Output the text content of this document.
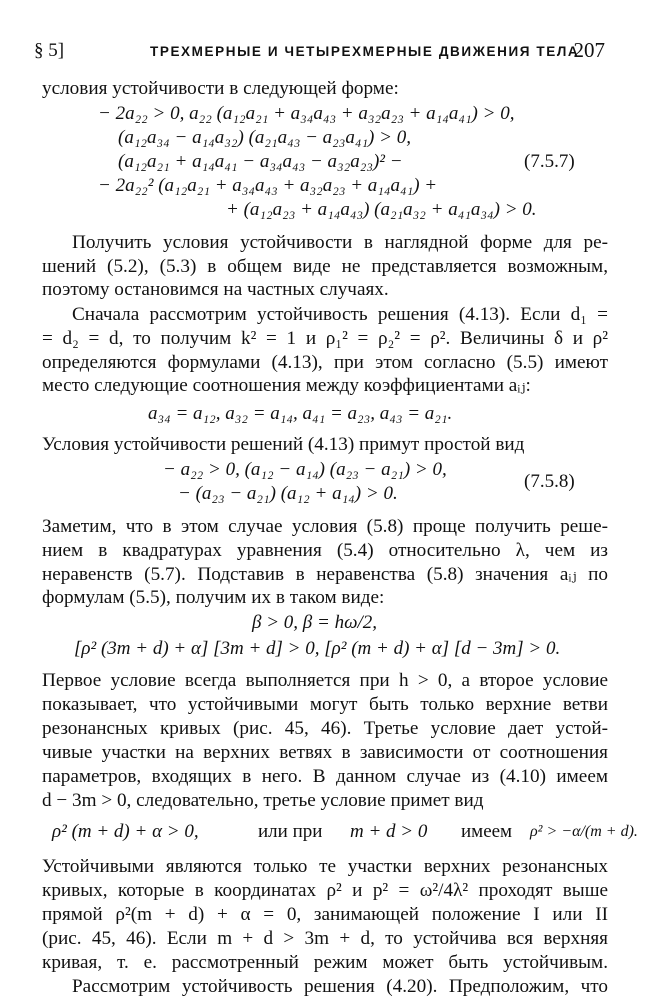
§ 5]	ТРЕХМЕРНЫЕ И ЧЕТЫРЕХМЕРНЫЕ ДВИЖЕНИЯ ТЕЛА
207
условия устойчивости в следующей форме:
− 2a₂₂ > 0, a₂₂ (a₁₂a₂₁ + a₃₄a₄₃ + a₃₂a₂₃ + a₁₄a₄₁) > 0,
(a₁₂a₃₄ − a₁₄a₃₂) (a₂₁a₄₃ − a₂₃a₄₁) > 0,
(a₁₂a₂₁ + a₁₄a₄₁ − a₃₄a₄₃ − a₃₂a₂₃)² −	(7.5.7)
− 2a₂₂² (a₁₂a₂₁ + a₃₄a₄₃ + a₃₂a₂₃ + a₁₄a₄₁) +
+ (a₁₂a₂₃ + a₁₄a₄₃) (a₂₁a₃₂ + a₄₁a₃₄) > 0.
Получить условия устойчивости в наглядной форме для ре-
шений (5.2), (5.3) в общем виде не представляется возможным,
поэтому остановимся на частных случаях.
Сначала рассмотрим устойчивость решения (4.13). Если d₁ =
= d₂ = d, то получим k² = 1 и ρ₁² = ρ₂² = ρ². Величины δ и ρ²
определяются формулами (4.13), при этом согласно (5.5) имеют
место следующие соотношения между коэффициентами aᵢⱼ:
a₃₄ = a₁₂, a₃₂ = a₁₄, a₄₁ = a₂₃, a₄₃ = a₂₁.
Условия устойчивости решений (4.13) примут простой вид
− a₂₂ > 0, (a₁₂ − a₁₄) (a₂₃ − a₂₁) > 0,
− (a₂₃ − a₂₁) (a₁₂ + a₁₄) > 0.
(7.5.8)
Заметим, что в этом случае условия (5.8) проще получить реше-
нием в квадратурах уравнения (5.4) относительно λ, чем из
неравенств (5.7). Подставив в неравенства (5.8) значения aᵢⱼ по
формулам (5.5), получим их в таком виде:
β > 0, β = hω/2,
[ρ² (3m + d) + α] [3m + d] > 0, [ρ² (m + d) + α] [d − 3m] > 0.
Первое условие всегда выполняется при h > 0, а второе условие
показывает, что устойчивыми могут быть только верхние ветви
резонансных кривых (рис. 45, 46). Третье условие дает устой-
чивые участки на верхних ветвях в зависимости от соотношения
параметров, входящих в него. В данном случае из (4.10) имеем
d − 3m > 0, следовательно, третье условие примет вид
ρ² (m + d) + α > 0,	или при m + d > 0 имеем ρ² > −α/(m + d).
Устойчивыми являются только те участки верхних резонансных
кривых, которые в координатах ρ² и p² = ω²/4λ² проходят выше
прямой ρ²(m + d) + α = 0, занимающей положение I или II
(рис. 45, 46). Если m + d > 3m + d, то устойчива вся верхняя
кривая, т. е. рассмотренный режим может быть устойчивым.
Рассмотрим устойчивость решения (4.20). Предположим, что
